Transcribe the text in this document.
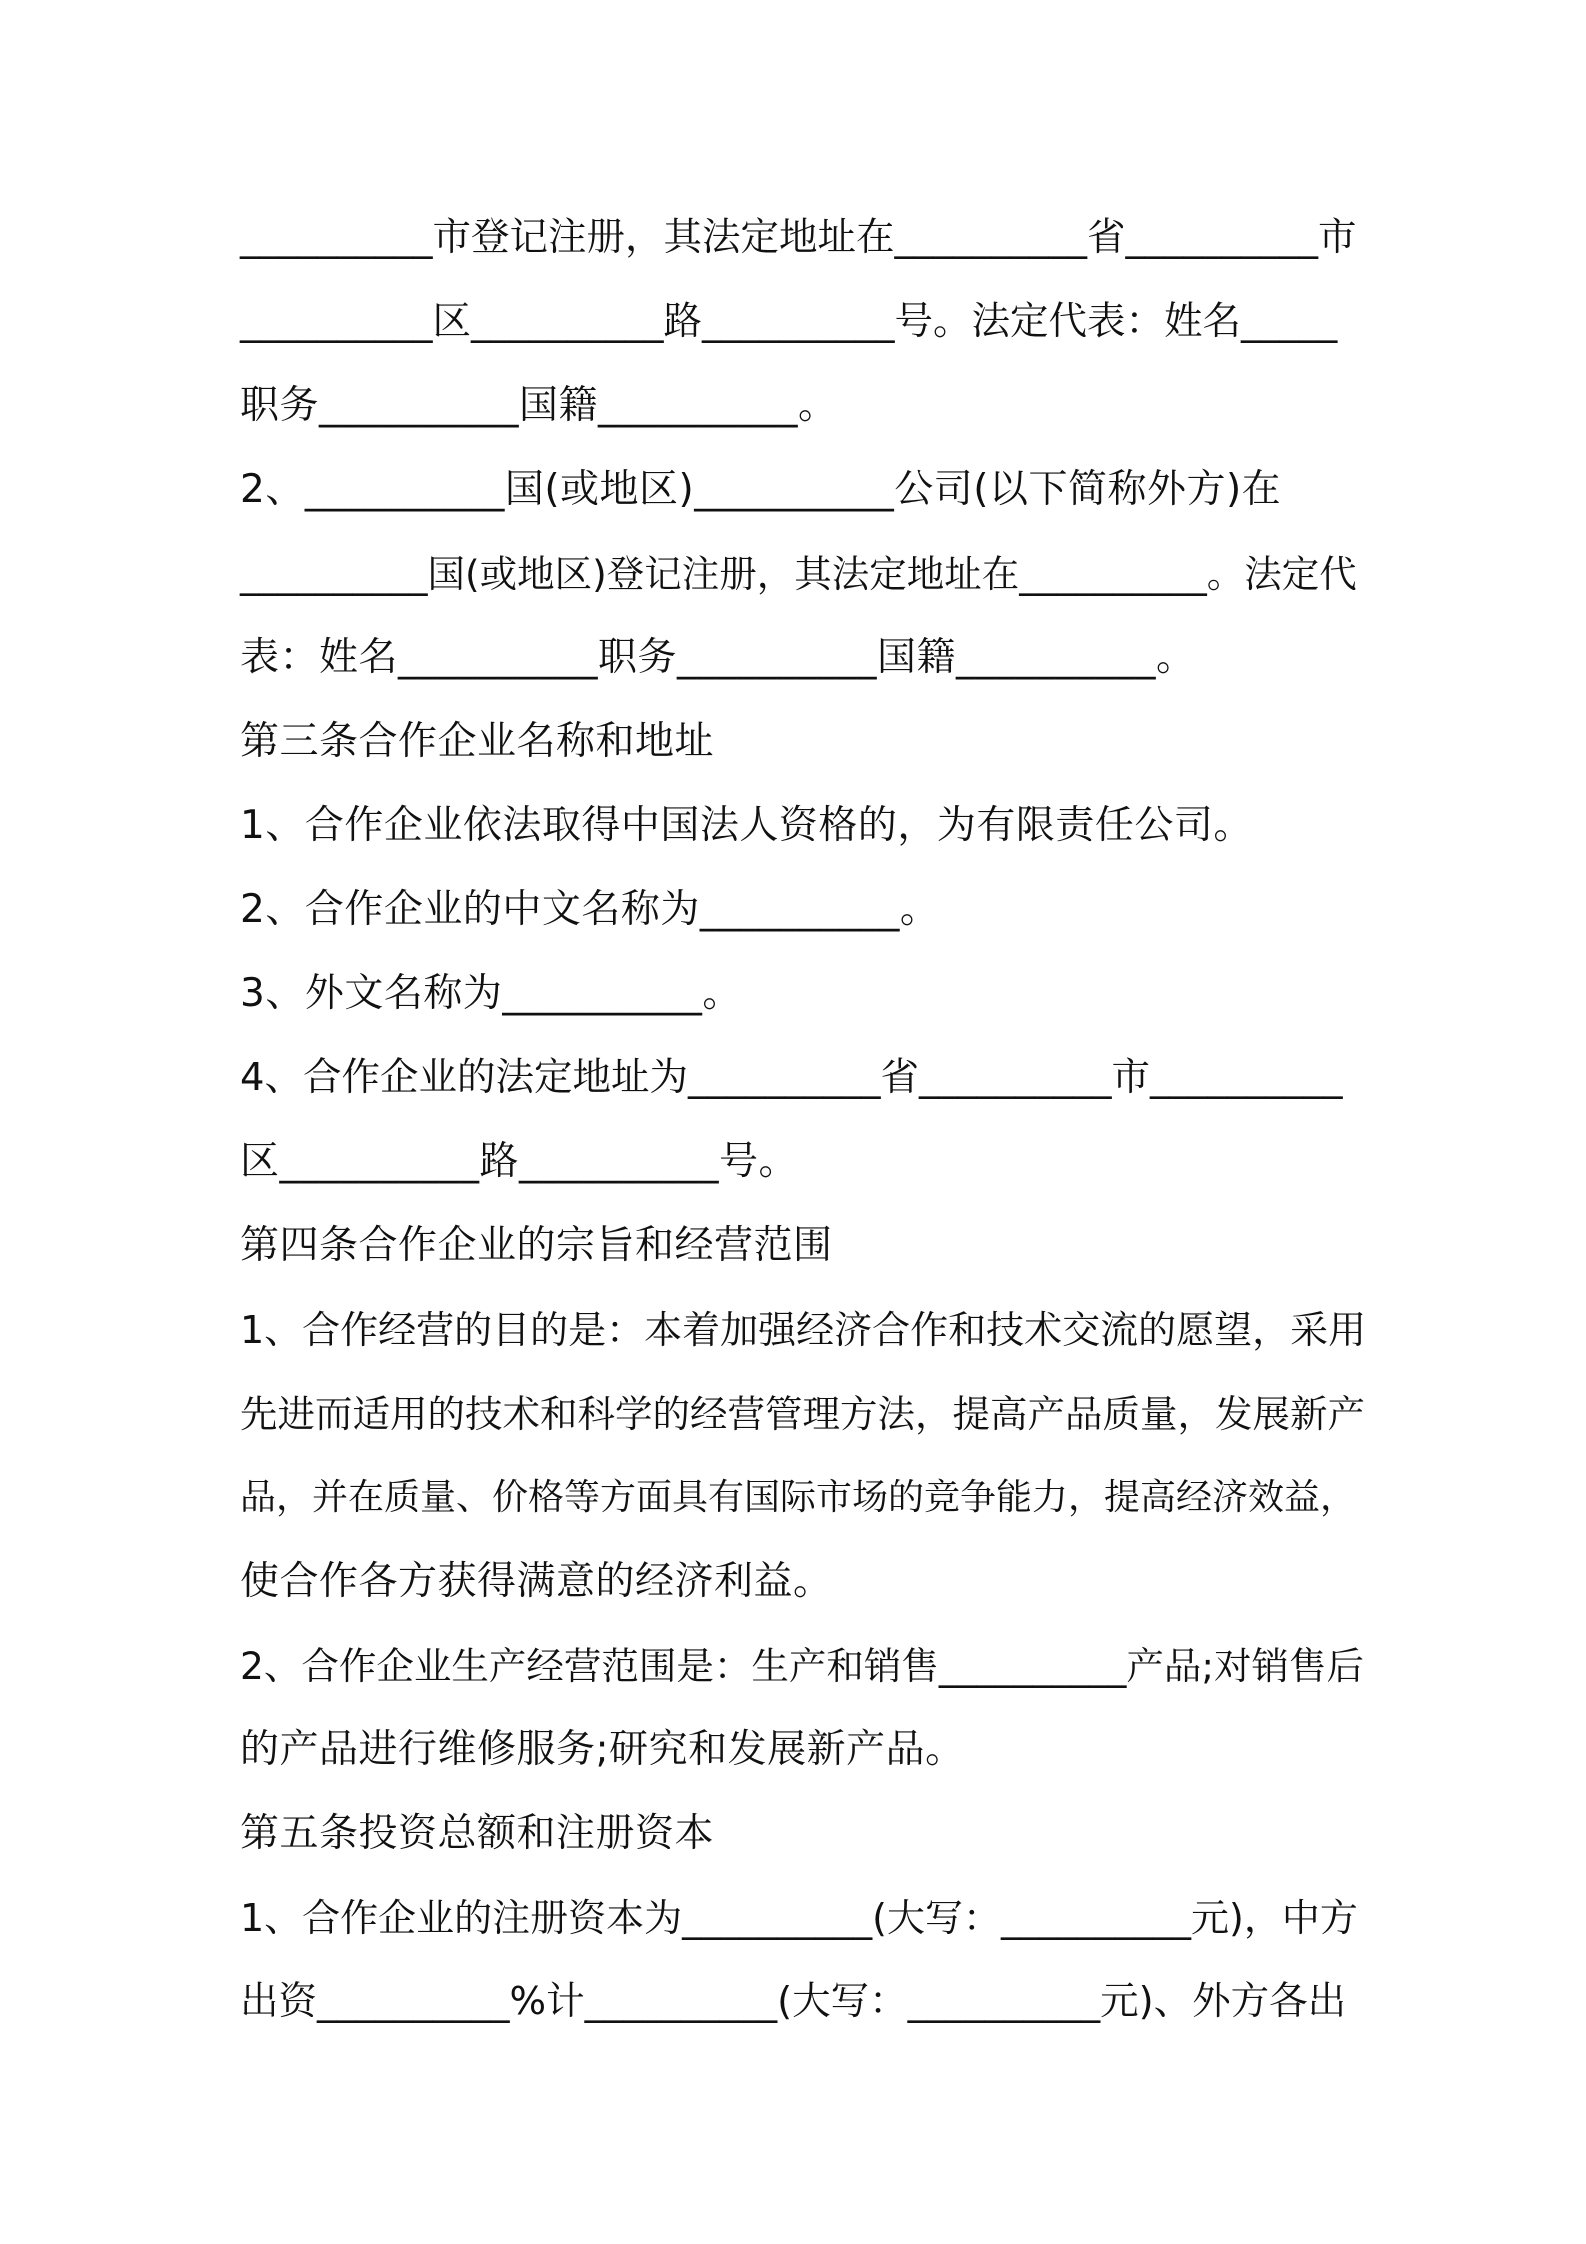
__________市登记注册，其法定地址在__________省__________市
__________区__________路__________号。法定代表：姓名_____
职务__________国籍__________。
2、__________国(或地区)__________公司(以下简称外方)在
__________国(或地区)登记注册，其法定地址在__________。法定代
表：姓名__________职务__________国籍__________。
第三条合作企业名称和地址
1、合作企业依法取得中国法人资格的，为有限责任公司。
2、合作企业的中文名称为__________。
3、外文名称为__________。
4、合作企业的法定地址为__________省__________市__________
区__________路__________号。
第四条合作企业的宗旨和经营范围
1、合作经营的目的是：本着加强经济合作和技术交流的愿望，采用
先进而适用的技术和科学的经营管理方法，提高产品质量，发展新产
品，并在质量、价格等方面具有国际市场的竞争能力，提高经济效益，
使合作各方获得满意的经济利益。
2、合作企业生产经营范围是：生产和销售__________产品;对销售后
的产品进行维修服务;研究和发展新产品。
第五条投资总额和注册资本
1、合作企业的注册资本为__________(大写：__________元)，中方
出资__________%计__________(大写：__________元)、外方各出
